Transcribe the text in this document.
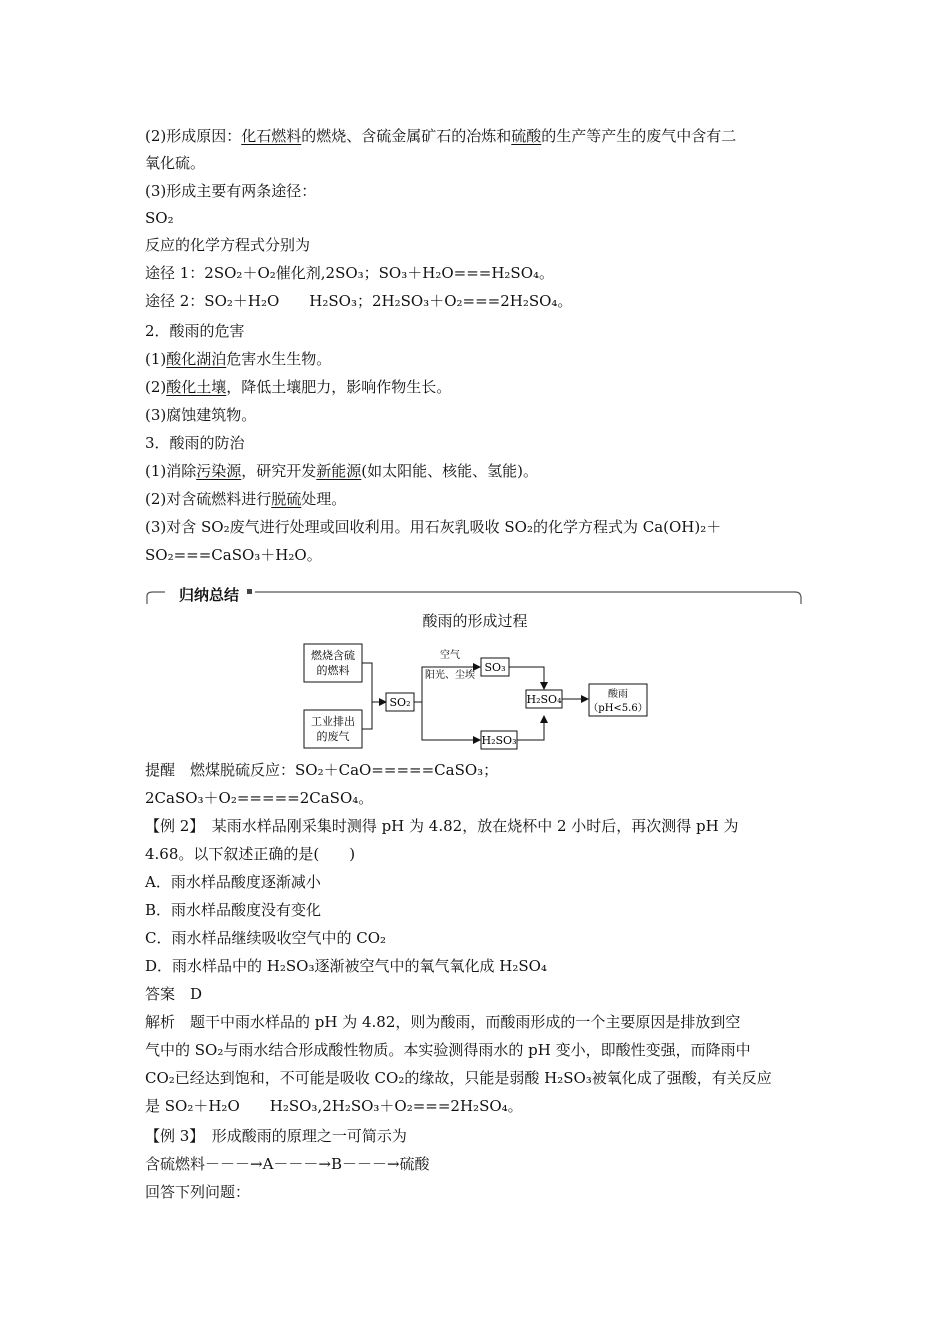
(2)形成原因：化石燃料的燃烧、含硫金属矿石的冶炼和硫酸的生产等产生的废气中含有二
氧化硫。
(3)形成主要有两条途径：
SO₂
反应的化学方程式分别为
途径 1：2SO₂＋O₂催化剂,2SO₃；SO₃＋H₂O===H₂SO₄。
途径 2：SO₂＋H₂O　　H₂SO₃；2H₂SO₃＋O₂===2H₂SO₄。
2．酸雨的危害
(1)酸化湖泊危害水生生物。
(2)酸化土壤，降低土壤肥力，影响作物生长。
(3)腐蚀建筑物。
3．酸雨的防治
(1)消除污染源，研究开发新能源(如太阳能、核能、氢能)。
(2)对含硫燃料进行脱硫处理。
(3)对含 SO₂废气进行处理或回收利用。用石灰乳吸收 SO₂的化学方程式为 Ca(OH)₂＋
SO₂===CaSO₃＋H₂O。
归纳总结
酸雨的形成过程
燃烧含硫
的燃料
工业排出
的废气
SO₂
空气
阳光、尘埃
SO₃
H₂SO₃
H₂SO₄	酸雨
（pH<5.6）
提醒　燃煤脱硫反应：SO₂＋CaO=====CaSO₃；
2CaSO₃＋O₂=====2CaSO₄。
【例 2】　某雨水样品刚采集时测得 pH 为 4.82，放在烧杯中 2 小时后，再次测得 pH 为
4.68。以下叙述正确的是(　　)
A．雨水样品酸度逐渐减小
B．雨水样品酸度没有变化
C．雨水样品继续吸收空气中的 CO₂
D．雨水样品中的 H₂SO₃逐渐被空气中的氧气氧化成 H₂SO₄
答案　D
解析　题干中雨水样品的 pH 为 4.82，则为酸雨，而酸雨形成的一个主要原因是排放到空
气中的 SO₂与雨水结合形成酸性物质。本实验测得雨水的 pH 变小，即酸性变强，而降雨中
CO₂已经达到饱和，不可能是吸收 CO₂的缘故，只能是弱酸 H₂SO₃被氧化成了强酸，有关反应
是 SO₂＋H₂O　　H₂SO₃,2H₂SO₃＋O₂===2H₂SO₄。
【例 3】　形成酸雨的原理之一可简示为
含硫燃料－－－→A－－－→B－－－→硫酸
回答下列问题：
